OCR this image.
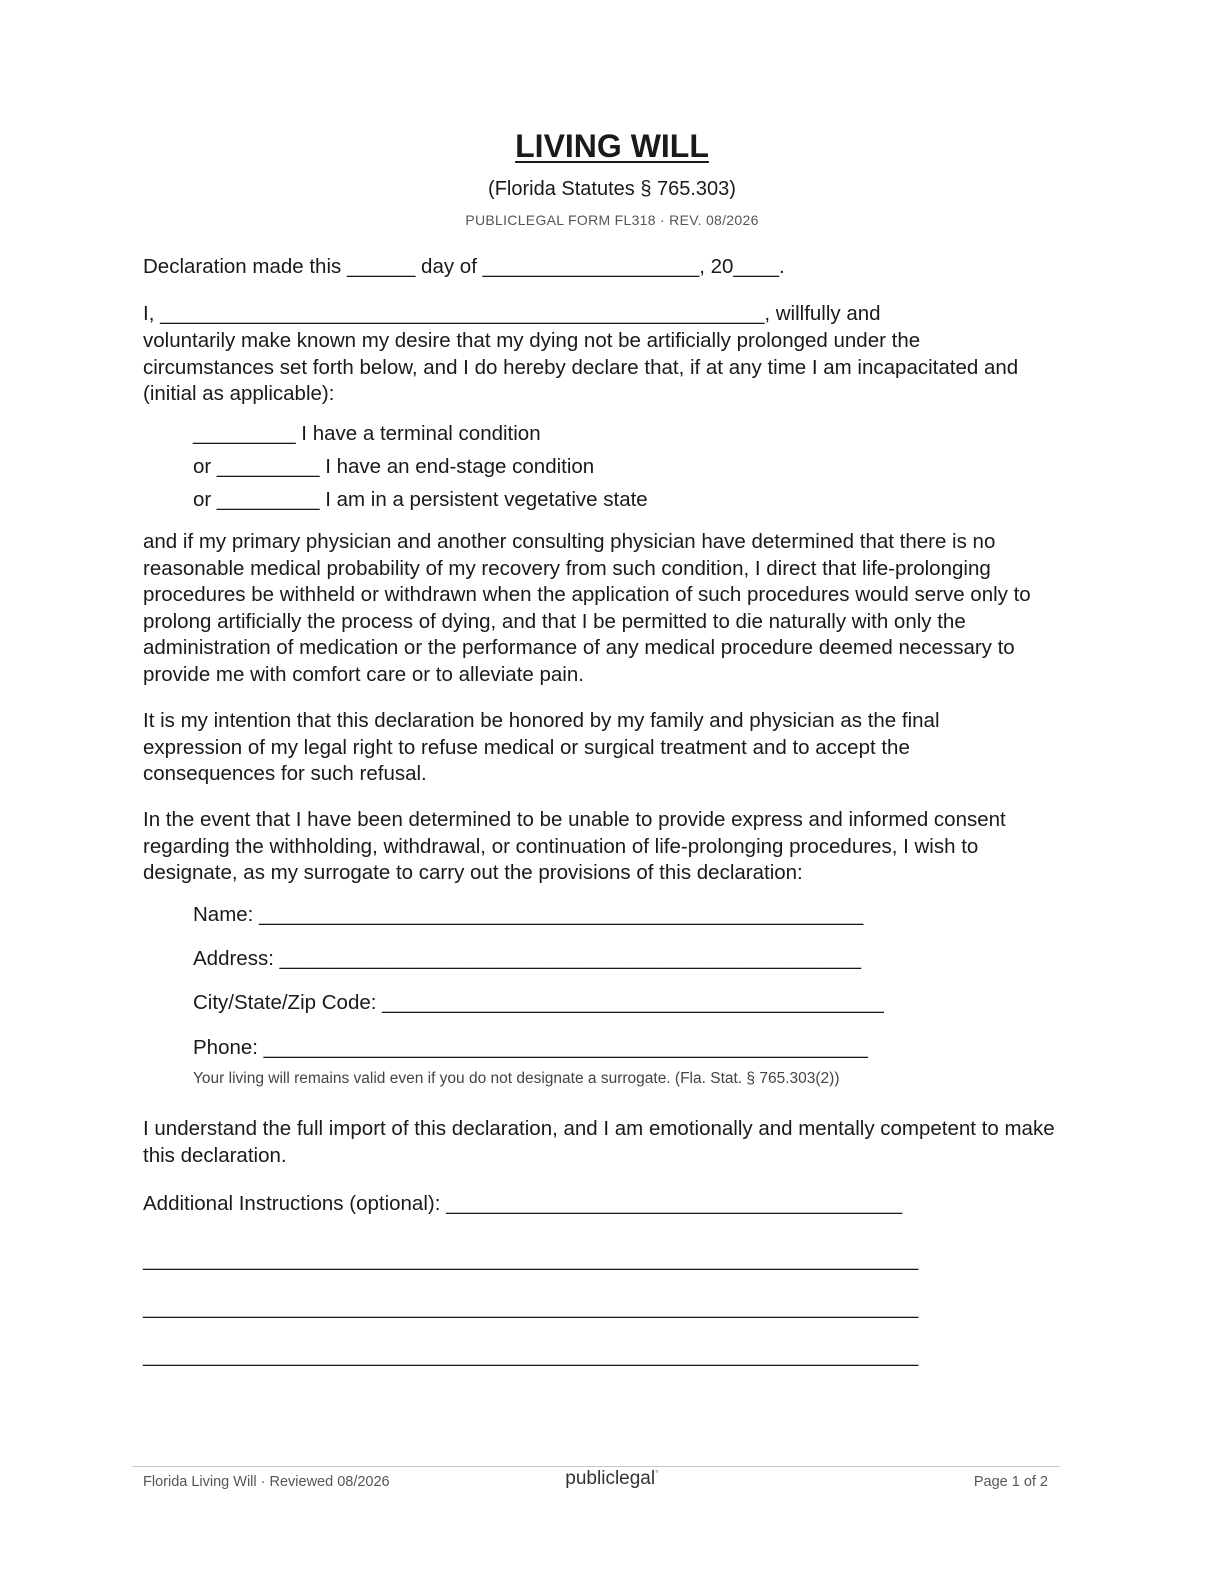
LIVING WILL
(Florida Statutes § 765.303)
PUBLICLEGAL FORM FL318 · REV. 08/2026
Declaration made this ______ day of ___________________, 20____.
I, _____________________________________________________, willfully and
voluntarily make known my desire that my dying not be artificially prolonged under the circumstances set forth below, and I do hereby declare that, if at any time I am incapacitated and (initial as applicable):
_________ I have a terminal condition
or _________ I have an end-stage condition
or _________ I am in a persistent vegetative state
and if my primary physician and another consulting physician have determined that there is no reasonable medical probability of my recovery from such condition, I direct that life-prolonging procedures be withheld or withdrawn when the application of such procedures would serve only to prolong artificially the process of dying, and that I be permitted to die naturally with only the administration of medication or the performance of any medical procedure deemed necessary to provide me with comfort care or to alleviate pain.
It is my intention that this declaration be honored by my family and physician as the final expression of my legal right to refuse medical or surgical treatment and to accept the consequences for such refusal.
In the event that I have been determined to be unable to provide express and informed consent regarding the withholding, withdrawal, or continuation of life-prolonging procedures, I wish to designate, as my surrogate to carry out the provisions of this declaration:
Name: _____________________________________________________
Address: ___________________________________________________
City/State/Zip Code: ____________________________________________
Phone: _____________________________________________________
Your living will remains valid even if you do not designate a surrogate. (Fla. Stat. § 765.303(2))
I understand the full import of this declaration, and I am emotionally and mentally competent to make this declaration.
Additional Instructions (optional): ________________________________________
____________________________________________________________________
____________________________________________________________________
____________________________________________________________________
Florida Living Will · Reviewed 08/2026	publiclegal°
Page 1 of 2
